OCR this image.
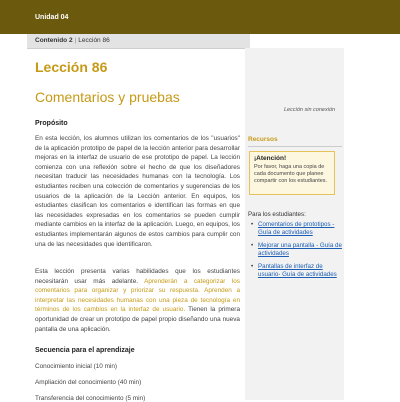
Unidad 04
Contenido 2 | Lección 86
Lección 86
Comentarios y pruebas
Lección sin conexión
Propósito

En esta lección, los alumnos utilizan los comentarios de los "usuarios" de la aplicación prototipo de papel de la lección anterior para desarrollar mejoras en la interfaz de usuario de ese prototipo de papel. La lección comienza con una reflexión sobre el hecho de que los diseñadores necesitan traducir las necesidades humanas con la tecnología. Los estudiantes reciben una colección de comentarios y sugerencias de los usuarios de la aplicación de la Lección anterior. En equipos, los estudiantes clasifican los comentarios e identifican las formas en que las necesidades expresadas en los comentarios se pueden cumplir mediante cambios en la interfaz de la aplicación. Luego, en equipos, los estudiantes implementarán algunos de estos cambios para cumplir con una de las necesidades que identificaron.

Esta lección presenta varias habilidades que los estudiantes necesitarán usar más adelante. Aprenderán a categorizar los comentarios para organizar y priorizar su respuesta. Aprenden a interpretar las necesidades humanas con una pieza de tecnología en términos de los cambios en la interfaz de usuario. Tienen la primera oportunidad de crear un prototipo de papel propio diseñando una nueva pantalla de una aplicación.

Secuencia para el aprendizaje
Conocimiento inicial (10 min)
Ampliación del conocimiento (40 min)
Transferencia del conocimiento (5 min)
Recursos

¡Atención!

Por favor, haga una copia de cada documento que planee compartir con los estudiantes.

Para los estudiantes:
• Comentarios de prototipos - Guía de actividades
• Mejorar una pantalla - Guía de actividades
• Pantallas de interfaz de usuario- Guía de actividades
